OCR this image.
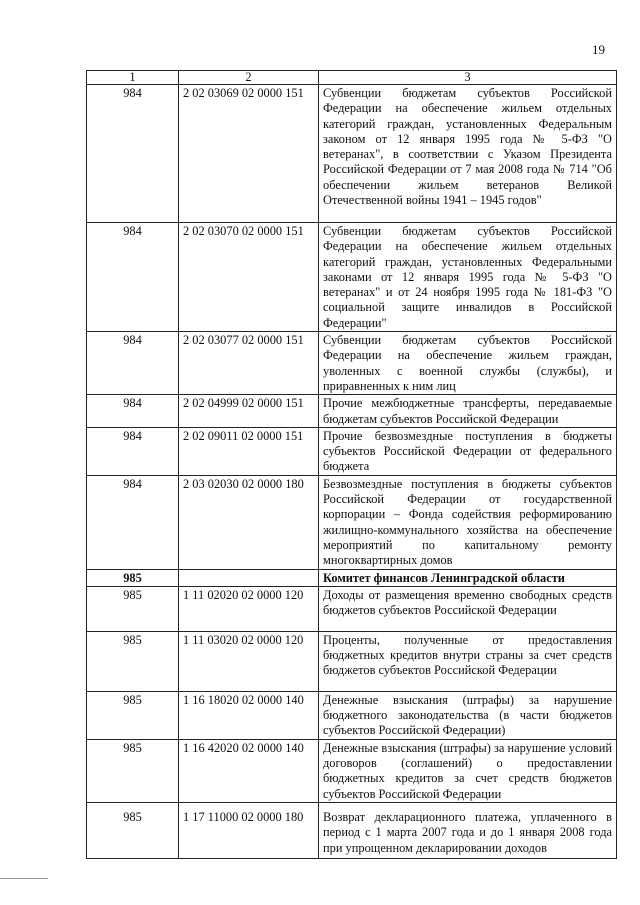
19
1	2	3
984	2 02 03069 02 0000 151	Субвенции бюджетам субъектов Российской Федерации на обеспечение жильем отдельных категорий граждан, установленных Федеральным законом от 12 января 1995 года № 5-ФЗ "О ветеранах", в соответствии с Указом Президента Российской Федерации от 7 мая 2008 года № 714 "Об обеспечении жильем ветеранов Великой Отечественной войны 1941 – 1945 годов"
984	2 02 03070 02 0000 151	Субвенции бюджетам субъектов Российской Федерации на обеспечение жильем отдельных категорий граждан, установленных Федеральными законами от 12 января 1995 года № 5-ФЗ "О ветеранах" и от 24 ноября 1995 года № 181-ФЗ "О социальной защите инвалидов в Российской Федерации"
984	2 02 03077 02 0000 151	Субвенции бюджетам субъектов Российской Федерации на обеспечение жильем граждан, уволенных с военной службы (службы), и приравненных к ним лиц
984	2 02 04999 02 0000 151	Прочие межбюджетные трансферты, передаваемые бюджетам субъектов Российской Федерации
984	2 02 09011 02 0000 151	Прочие безвозмездные поступления в бюджеты субъектов Российской Федерации от федерального бюджета
984	2 03 02030 02 0000 180	Безвозмездные поступления в бюджеты субъектов Российской Федерации от государственной корпорации – Фонда содействия реформированию жилищно-коммунального хозяйства на обеспечение мероприятий по капитальному ремонту многоквартирных домов
985		Комитет финансов Ленинградской области
985	1 11 02020 02 0000 120	Доходы от размещения временно свободных средств бюджетов субъектов Российской Федерации
985	1 11 03020 02 0000 120	Проценты, полученные от предоставления бюджетных кредитов внутри страны за счет средств бюджетов субъектов Российской Федерации
985	1 16 18020 02 0000 140	Денежные взыскания (штрафы) за нарушение бюджетного законодательства (в части бюджетов субъектов Российской Федерации)
985	1 16 42020 02 0000 140	Денежные взыскания (штрафы) за нарушение условий договоров (соглашений) о предоставлении бюджетных кредитов за счет средств бюджетов субъектов Российской Федерации
985	1 17 11000 02 0000 180	Возврат декларационного платежа, уплаченного в период с 1 марта 2007 года и до 1 января 2008 года при упрощенном декларировании доходов
